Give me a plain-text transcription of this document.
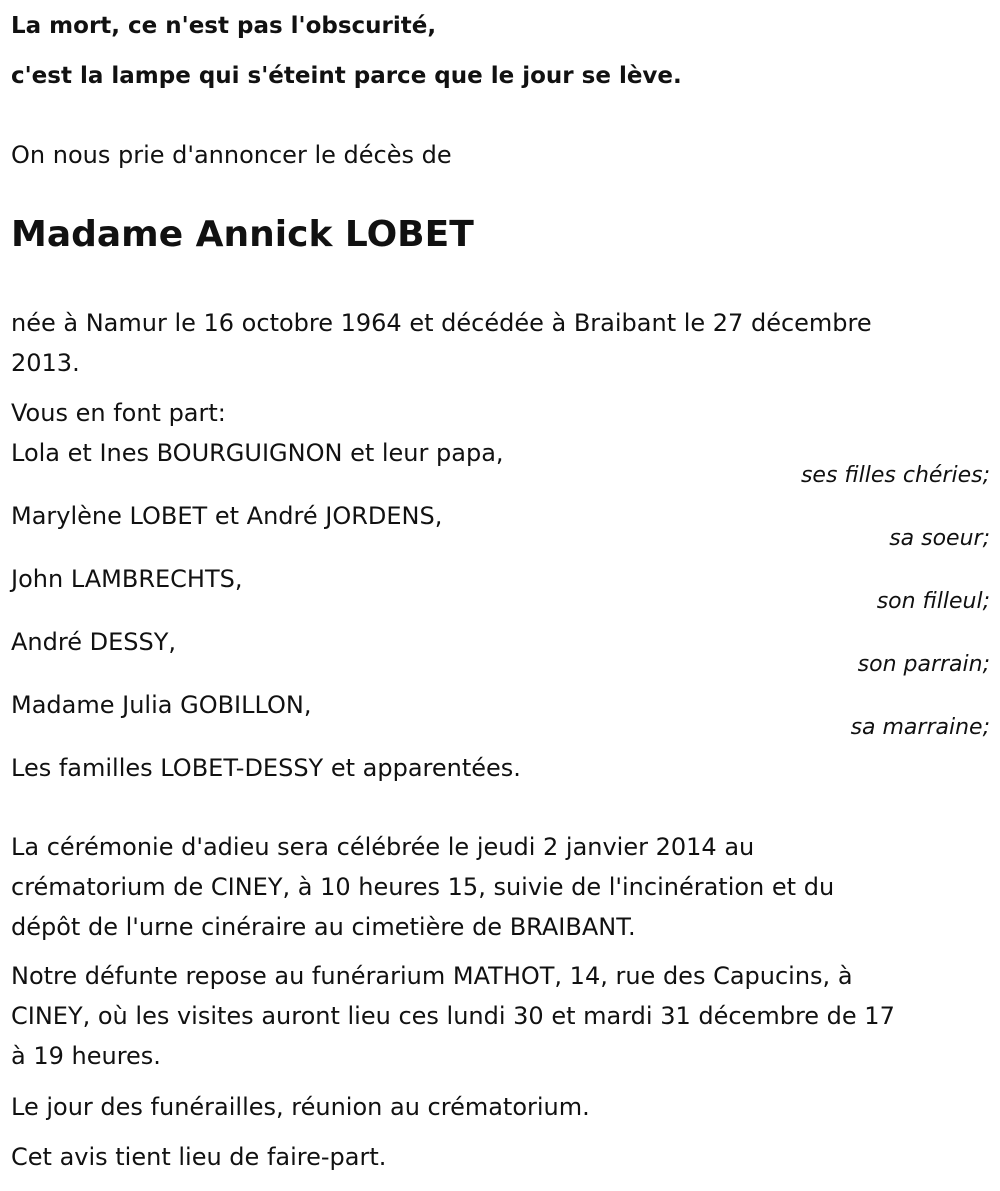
La mort, ce n'est pas l'obscurité,
c'est la lampe qui s'éteint parce que le jour se lève.
On nous prie d'annoncer le décès de
Madame Annick LOBET
née à Namur le 16 octobre 1964 et décédée à Braibant le 27 décembre
2013.
Vous en font part:
Lola et Ines BOURGUIGNON et leur papa,
ses filles chéries;
Marylène LOBET et André JORDENS,
sa soeur;
John LAMBRECHTS,
son filleul;
André DESSY,
son parrain;
Madame Julia GOBILLON,
sa marraine;
Les familles LOBET-DESSY et apparentées.
La cérémonie d'adieu sera célébrée le jeudi 2 janvier 2014 au
crématorium de CINEY, à 10 heures 15, suivie de l'incinération et du
dépôt de l'urne cinéraire au cimetière de BRAIBANT.
Notre défunte repose au funérarium MATHOT, 14, rue des Capucins, à
CINEY, où les visites auront lieu ces lundi 30 et mardi 31 décembre de 17
à 19 heures.
Le jour des funérailles, réunion au crématorium.
Cet avis tient lieu de faire-part.
